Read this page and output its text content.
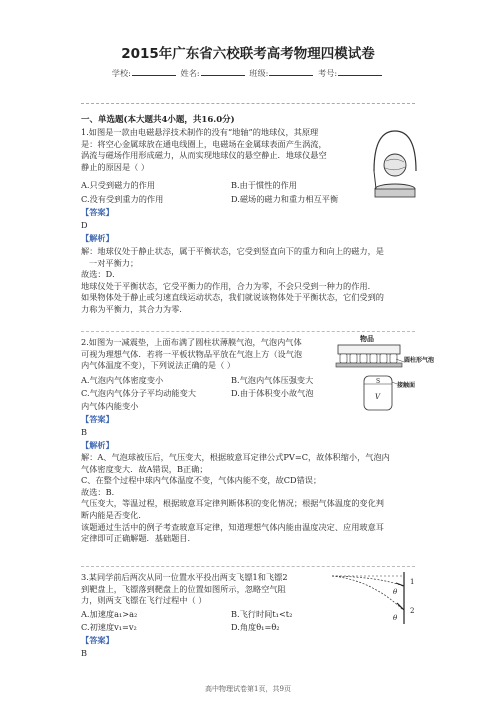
2015年广东省六校联考高考物理四模试卷
学校:	姓名:	班级:	考号:
一、单选题(本大题共4小题，共16.0分)
1.如图是一款由电磁悬浮技术制作的没有“地轴”的地球仪，其原理
是：将空心金属球放在通电线圈上，电磁场在金属球表面产生涡流，
涡流与磁场作用形成磁力，从而实现地球仪的悬空静止．地球仪悬空
静止的原因是（ ）
A.只受到磁力的作用	B.由于惯性的作用
C.没有受到重力的作用	D.磁场的磁力和重力相互平衡
【答案】
D
【解析】
解：地球仪处于静止状态，属于平衡状态，它受到竖直向下的重力和向上的磁力，是
一对平衡力；
故选：D．
地球仪处于平衡状态，它受平衡力的作用，合力为零，不会只受到一种力的作用．
如果物体处于静止或匀速直线运动状态，我们就说该物体处于平衡状态，它们受到的
力称为平衡力，其合力为零.
2.如图为一减震垫，上面布满了圆柱状薄膜气泡，气泡内气体
可视为理想气体．若将一平板状物品平放在气泡上方（设气泡
内气体温度不变），下列说法正确的是（ ）
物品
圆柱形气泡
S
V
接触面
A.气泡内气体密度变小	B.气泡内气体压强变大
C.气泡内气体分子平均动能变大	D.由于体积变小故气泡
内气体内能变小
【答案】
B
【解析】
解：A、气泡球被压后，气压变大，根据玻意耳定律公式PV=C，故体积缩小，气泡内
气体密度变大．故A错误，B正确；
C、在整个过程中球内气体温度不变，气体内能不变，故CD错误；
故选：B．
气压变大，等温过程，根据玻意耳定律判断体积的变化情况；根据气体温度的变化判
断内能是否变化．
该题通过生活中的例子考查玻意耳定律，知道理想气体内能由温度决定、应用玻意耳
定律即可正确解题．基础题目．
3.某同学前后两次从同一位置水平投出两支飞镖1和飞镖2
到靶盘上，飞镖落到靶盘上的位置如图所示，忽略空气阻
力，则两支飞镖在飞行过程中（ ）
1
2
θ
θ
A.加速度a₁>a₂	B.飞行时间t₁<t₂
C.初速度v₁=v₂	D.角度θ₁=θ₂
【答案】
B
高中物理试卷第1页，共9页
